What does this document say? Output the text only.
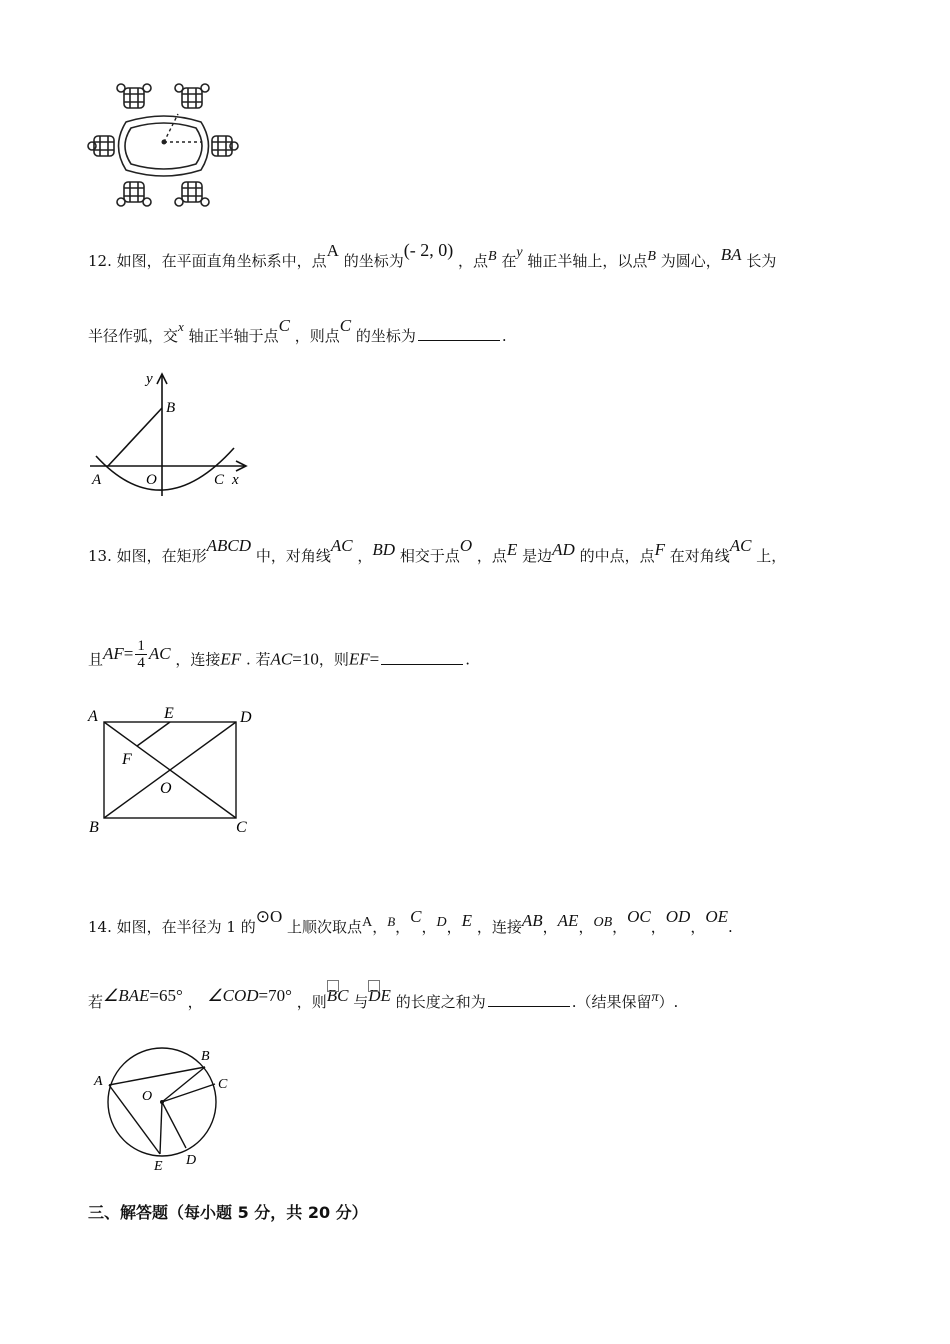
12. 如图，在平面直角坐标系中，点A 的坐标为(- 2, 0) ，点B 在y 轴正半轴上，以点B 为圆心，BA 长为
半径作弧，交x 轴正半轴于点C ，则点C 的坐标为	.
y
B
A	O	C x
13. 如图，在矩形ABCD 中，对角线AC ，BD 相交于点O ，点E 是边AD 的中点，点F 在对角线AC 上，
且$AF= \frac{1}{4}$ AC ，连接EF . 若AC=10，则EF=	.
A	E	D
F
O
B	C
14. 如图，在半径为 1 的⊙O 上顺次取点A，B，C，D，E ，连接AB，AE，OB，OC，OD，OE.
若∠BAE=65° ， ∠COD=70° ，则BC 与DE 的长度之和为	.（结果保留π）.
A
B
C
O
E D
三、解答题（每小题 5 分，共 20 分）
